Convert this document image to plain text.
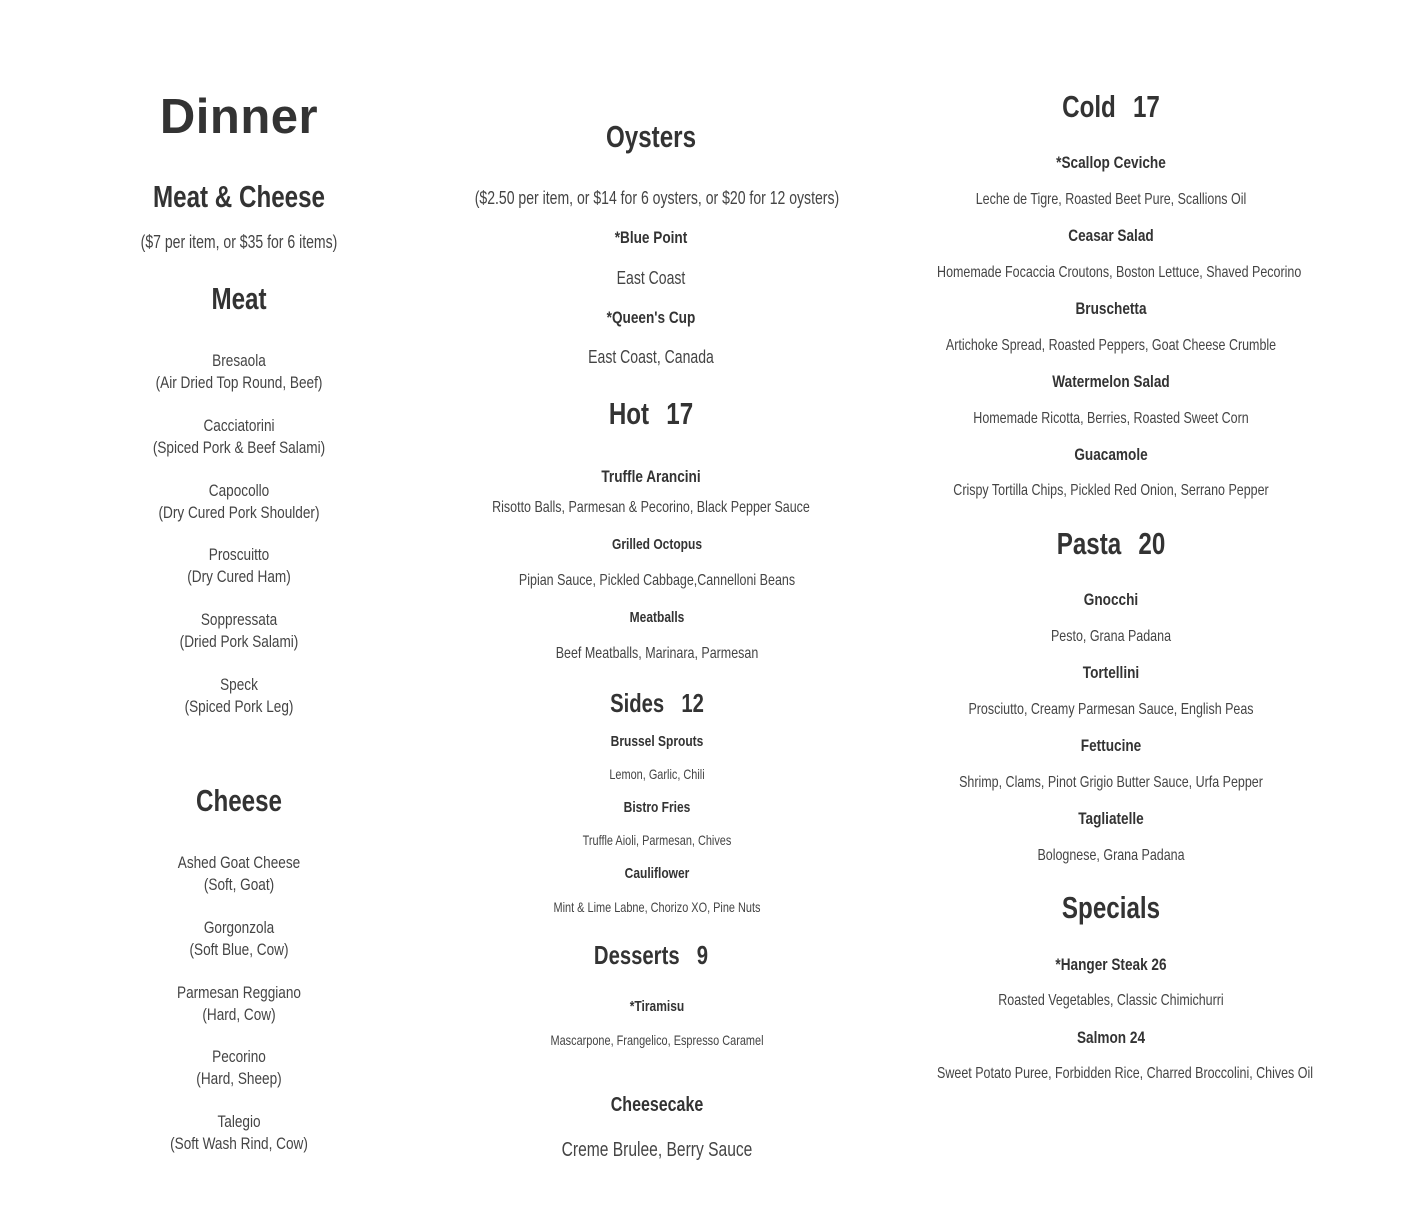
Dinner
Meat & Cheese
($7 per item, or $35 for 6 items)
Meat
Bresaola
(Air Dried Top Round, Beef)
Cacciatorini
(Spiced Pork & Beef Salami)
Capocollo
(Dry Cured Pork Shoulder)
Proscuitto
(Dry Cured Ham)
Soppressata
(Dried Pork Salami)
Speck
(Spiced Pork Leg)
Cheese
Ashed Goat Cheese
(Soft, Goat)
Gorgonzola
(Soft Blue, Cow)
Parmesan Reggiano
(Hard, Cow)
Pecorino
(Hard, Sheep)
Talegio
(Soft Wash Rind, Cow)
Oysters
($2.50 per item, or $14 for 6 oysters, or $20 for 12 oysters)
*Blue Point
East Coast
*Queen's Cup
East Coast, Canada
Hot 17
Truffle Arancini
Risotto Balls, Parmesan & Pecorino, Black Pepper Sauce
Grilled Octopus
Pipian Sauce, Pickled Cabbage,Cannelloni Beans
Meatballs
Beef Meatballs, Marinara, Parmesan
Sides 12
Brussel Sprouts
Lemon, Garlic, Chili
Bistro Fries
Truffle Aioli, Parmesan, Chives
Cauliflower
Mint & Lime Labne, Chorizo XO, Pine Nuts
Desserts 9
*Tiramisu
Mascarpone, Frangelico, Espresso Caramel
Cheesecake
Creme Brulee, Berry Sauce
Cold 17
*Scallop Ceviche
Leche de Tigre, Roasted Beet Pure, Scallions Oil
Ceasar Salad
Homemade Focaccia Croutons, Boston Lettuce, Shaved Pecorino
Bruschetta
Artichoke Spread, Roasted Peppers, Goat Cheese Crumble
Watermelon Salad
Homemade Ricotta, Berries, Roasted Sweet Corn
Guacamole
Crispy Tortilla Chips, Pickled Red Onion, Serrano Pepper
Pasta 20
Gnocchi
Pesto, Grana Padana
Tortellini
Prosciutto, Creamy Parmesan Sauce, English Peas
Fettucine
Shrimp, Clams, Pinot Grigio Butter Sauce, Urfa Pepper
Tagliatelle
Bolognese, Grana Padana
Specials
*Hanger Steak 26
Roasted Vegetables, Classic Chimichurri
Salmon 24
Sweet Potato Puree, Forbidden Rice, Charred Broccolini, Chives Oil
